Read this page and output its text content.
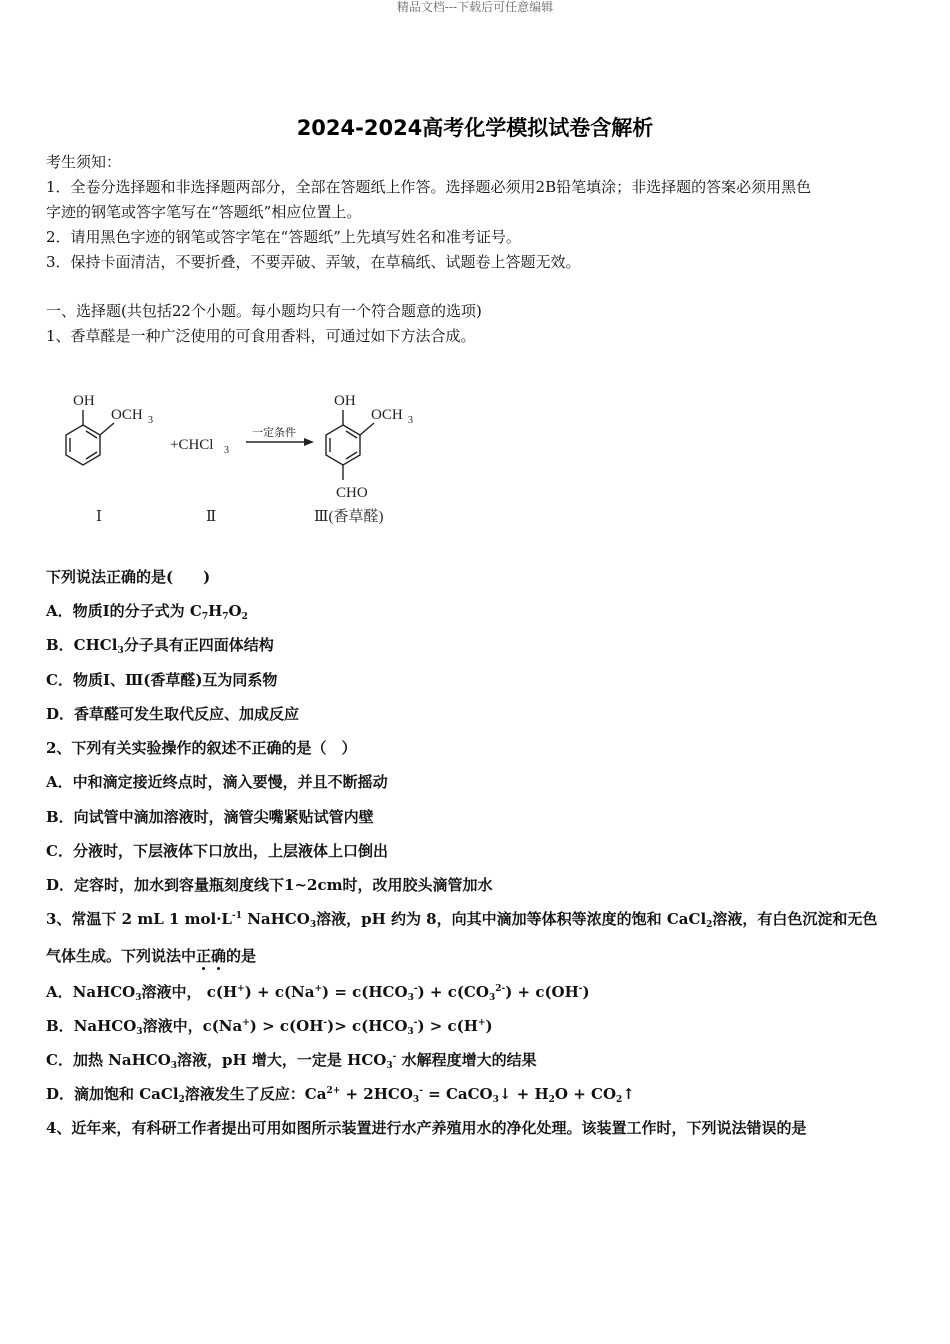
精品文档---下载后可任意编辑
2024-2024高考化学模拟试卷含解析
考生须知：
1．全卷分选择题和非选择题两部分，全部在答题纸上作答。选择题必须用2B铅笔填涂；非选择题的答案必须用黑色
字迹的钢笔或答字笔写在“答题纸”相应位置上。
2．请用黑色字迹的钢笔或答字笔在“答题纸”上先填写姓名和准考证号。
3．保持卡面清洁，不要折叠，不要弄破、弄皱，在草稿纸、试题卷上答题无效。
一、选择题(共包括22个小题。每小题均只有一个符合题意的选项)
1、香草醛是一种广泛使用的可食用香料，可通过如下方法合成。
OH
OCH 3
+CHCl 3
一定条件
OH
OCH 3
CHO
Ⅰ	Ⅱ	Ⅲ(香草醛)
下列说法正确的是(　　)
A．物质Ⅰ的分子式为 $C_7H_7O_2$
B．CHCl$_3$分子具有正四面体结构
C．物质Ⅰ、Ⅲ(香草醛)互为同系物
D．香草醛可发生取代反应、加成反应
2、下列有关实验操作的叙述不正确的是（　）
A．中和滴定接近终点时，滴入要慢，并且不断摇动
B．向试管中滴加溶液时，滴管尖嘴紧贴试管内壁
C．分液时，下层液体下口放出，上层液体上口倒出
D．定容时，加水到容量瓶刻度线下1~2cm时，改用胶头滴管加水
3、常温下 2 mL 1 $mol\cdot L^{-1}$ NaHCO$_3$溶液，pH 约为 8，向其中滴加等体积等浓度的饱和 CaCl$_2$溶液，有白色沉淀和无色
气体生成。下列说法中正确的是
A．NaHCO$_3$溶液中， $c(H^+) + c(Na^+) = c(HCO_3^-) + c(CO_3^{2-}) + c(OH^-)$
B．NaHCO$_3$溶液中，$c(Na^+) > c(OH^-)> c(HCO_3^-) > c(H^+)$
C．加热 NaHCO$_3$溶液，pH 增大，一定是 $HCO_3^-$ 水解程度增大的结果
D．滴加饱和 CaCl$_2$溶液发生了反应：$Ca^{2+} + 2HCO_3^-$ = CaCO$_3$↓ + $H_2O$ + $CO_2↑$
4、近年来，有科研工作者提出可用如图所示装置进行水产养殖用水的净化处理。该装置工作时，下列说法错误的是
